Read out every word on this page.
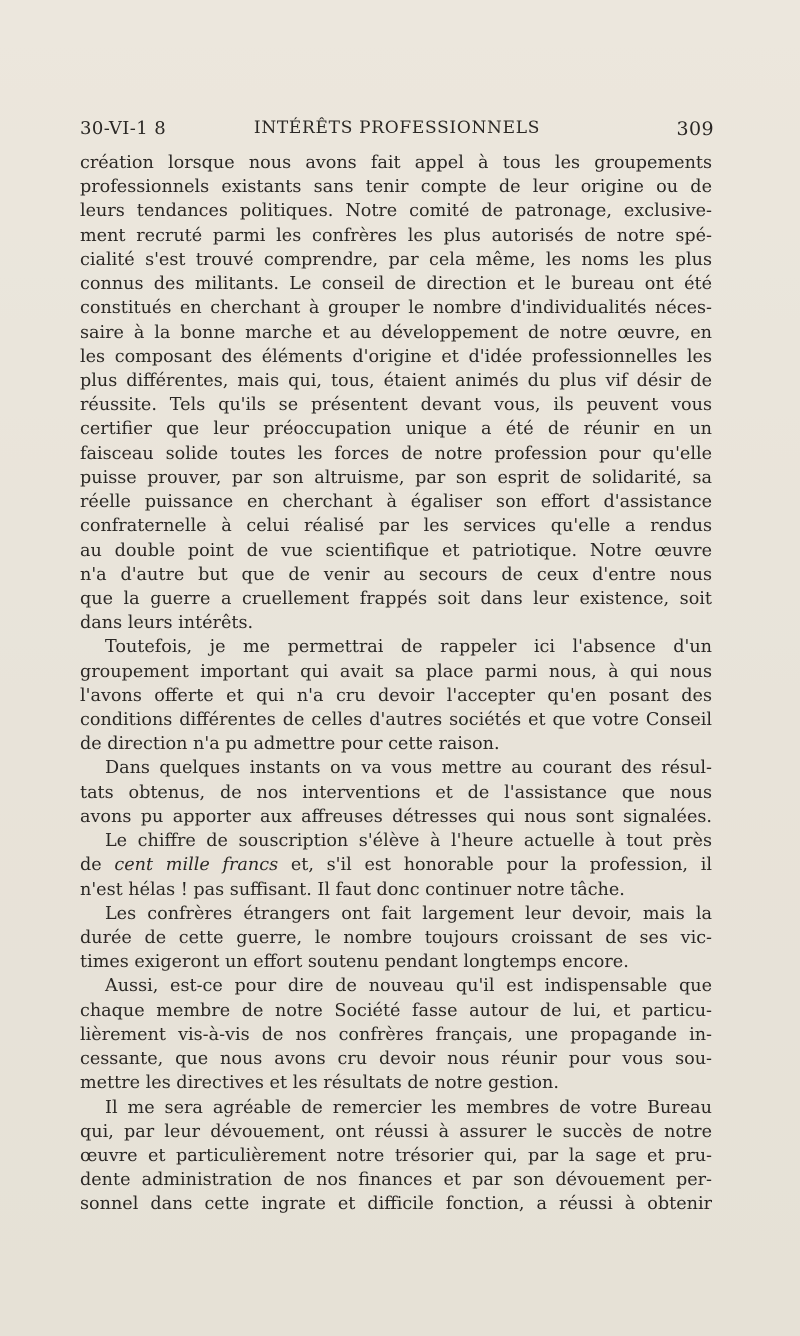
30-VI-1 8	INTÉRÊTS PROFESSIONNELS	309
création lorsque nous avons fait appel à tous les groupements
professionnels existants sans tenir compte de leur origine ou de
leurs tendances politiques. Notre comité de patronage, exclusive-
ment recruté parmi les confrères les plus autorisés de notre spé-
cialité s'est trouvé comprendre, par cela même, les noms les plus
connus des militants. Le conseil de direction et le bureau ont été
constitués en cherchant à grouper le nombre d'individualités néces-
saire à la bonne marche et au développement de notre œuvre, en
les composant des éléments d'origine et d'idée professionnelles les
plus différentes, mais qui, tous, étaient animés du plus vif désir de
réussite. Tels qu'ils se présentent devant vous, ils peuvent vous
certifier que leur préoccupation unique a été de réunir en un
faisceau solide toutes les forces de notre profession pour qu'elle
puisse prouver, par son altruisme, par son esprit de solidarité, sa
réelle puissance en cherchant à égaliser son effort d'assistance
confraternelle à celui réalisé par les services qu'elle a rendus
au double point de vue scientifique et patriotique. Notre œuvre
n'a d'autre but que de venir au secours de ceux d'entre nous
que la guerre a cruellement frappés soit dans leur existence, soit
dans leurs intérêts.
Toutefois, je me permettrai de rappeler ici l'absence d'un
groupement important qui avait sa place parmi nous, à qui nous
l'avons offerte et qui n'a cru devoir l'accepter qu'en posant des
conditions différentes de celles d'autres sociétés et que votre Conseil
de direction n'a pu admettre pour cette raison.
Dans quelques instants on va vous mettre au courant des résul-
tats obtenus, de nos interventions et de l'assistance que nous
avons pu apporter aux affreuses détresses qui nous sont signalées.
Le chiffre de souscription s'élève à l'heure actuelle à tout près
de cent mille francs et, s'il est honorable pour la profession, il
n'est hélas ! pas suffisant. Il faut donc continuer notre tâche.
Les confrères étrangers ont fait largement leur devoir, mais la
durée de cette guerre, le nombre toujours croissant de ses vic-
times exigeront un effort soutenu pendant longtemps encore.
Aussi, est-ce pour dire de nouveau qu'il est indispensable que
chaque membre de notre Société fasse autour de lui, et particu-
lièrement vis-à-vis de nos confrères français, une propagande in-
cessante, que nous avons cru devoir nous réunir pour vous sou-
mettre les directives et les résultats de notre gestion.
Il me sera agréable de remercier les membres de votre Bureau
qui, par leur dévouement, ont réussi à assurer le succès de notre
œuvre et particulièrement notre trésorier qui, par la sage et pru-
dente administration de nos finances et par son dévouement per-
sonnel dans cette ingrate et difficile fonction, a réussi à obtenir
